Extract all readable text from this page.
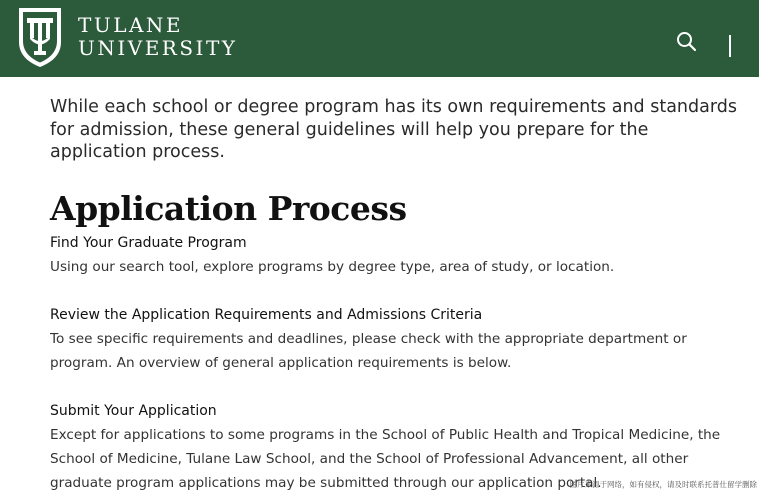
TULANE
UNIVERSITY

While each school or degree program has its own requirements and standards for admission, these general guidelines will help you prepare for the application process.

Application Process
Find Your Graduate Program

Using our search tool, explore programs by degree type, area of study, or location.

Review the Application Requirements and Admissions Criteria

To see specific requirements and deadlines, please check with the appropriate department or program. An overview of general application requirements is below.

Submit Your Application

Except for applications to some programs in the School of Public Health and Tropical Medicine, the School of Medicine, Tulane Law School, and the School of Professional Advancement, all other graduate program applications may be submitted through our application portal.

图片来源于网络，如有侵权，请及时联系托普仕留学删除
